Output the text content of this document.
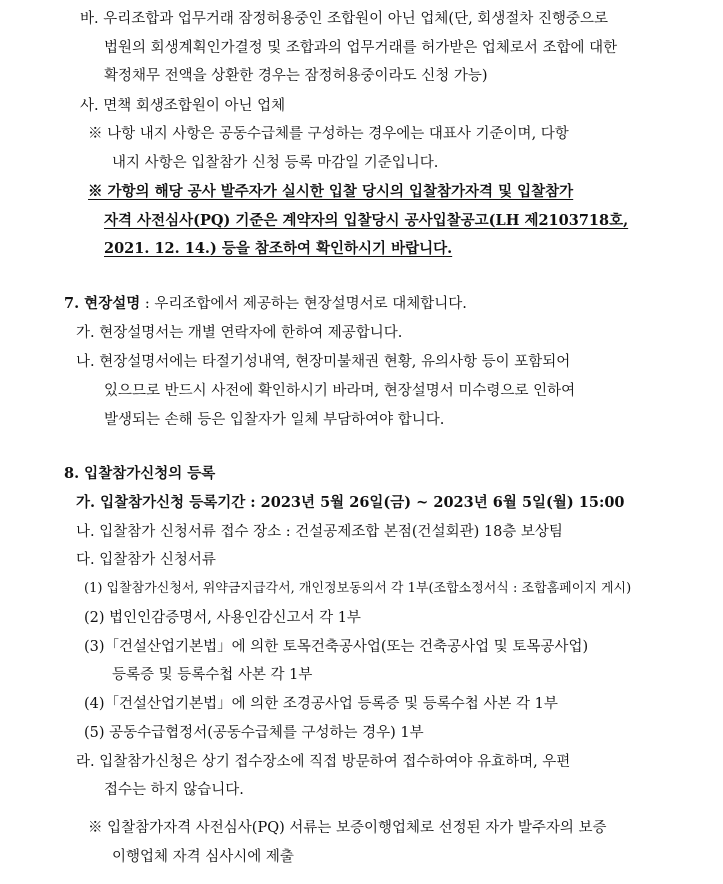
바. 우리조합과 업무거래 잠정허용중인 조합원이 아닌 업체(단, 회생절차 진행중으로
법원의 회생계획인가결정 및 조합과의 업무거래를 허가받은 업체로서 조합에 대한
확정채무 전액을 상환한 경우는 잠정허용중이라도 신청 가능)
사. 면책 회생조합원이 아닌 업체
※ 나항 내지 사항은 공동수급체를 구성하는 경우에는 대표사 기준이며, 다항
내지 사항은 입찰참가 신청 등록 마감일 기준입니다.
※ 가항의 해당 공사 발주자가 실시한 입찰 당시의 입찰참가자격 및 입찰참가
자격 사전심사(PQ) 기준은 계약자의 입찰당시 공사입찰공고(LH 제2103718호,
2021. 12. 14.) 등을 참조하여 확인하시기 바랍니다.
7. 현장설명 : 우리조합에서 제공하는 현장설명서로 대체합니다.
가. 현장설명서는 개별 연락자에 한하여 제공합니다.
나. 현장설명서에는 타절기성내역, 현장미불채권 현황, 유의사항 등이 포함되어
있으므로 반드시 사전에 확인하시기 바라며, 현장설명서 미수령으로 인하여
발생되는 손해 등은 입찰자가 일체 부담하여야 합니다.
8. 입찰참가신청의 등록
가. 입찰참가신청 등록기간 : 2023년 5월 26일(금) ~ 2023년 6월 5일(월) 15:00
나. 입찰참가 신청서류 접수 장소 : 건설공제조합 본점(건설회관) 18층 보상팀
다. 입찰참가 신청서류
(1) 입찰참가신청서, 위약금지급각서, 개인정보동의서 각 1부(조합소정서식 : 조합홈페이지 게시)
(2) 법인인감증명서, 사용인감신고서 각 1부
(3)「건설산업기본법」에 의한 토목건축공사업(또는 건축공사업 및 토목공사업)
등록증 및 등록수첩 사본 각 1부
(4)「건설산업기본법」에 의한 조경공사업 등록증 및 등록수첩 사본 각 1부
(5) 공동수급협정서(공동수급체를 구성하는 경우) 1부
라. 입찰참가신청은 상기 접수장소에 직접 방문하여 접수하여야 유효하며, 우편
접수는 하지 않습니다.
※ 입찰참가자격 사전심사(PQ) 서류는 보증이행업체로 선정된 자가 발주자의 보증
이행업체 자격 심사시에 제출
